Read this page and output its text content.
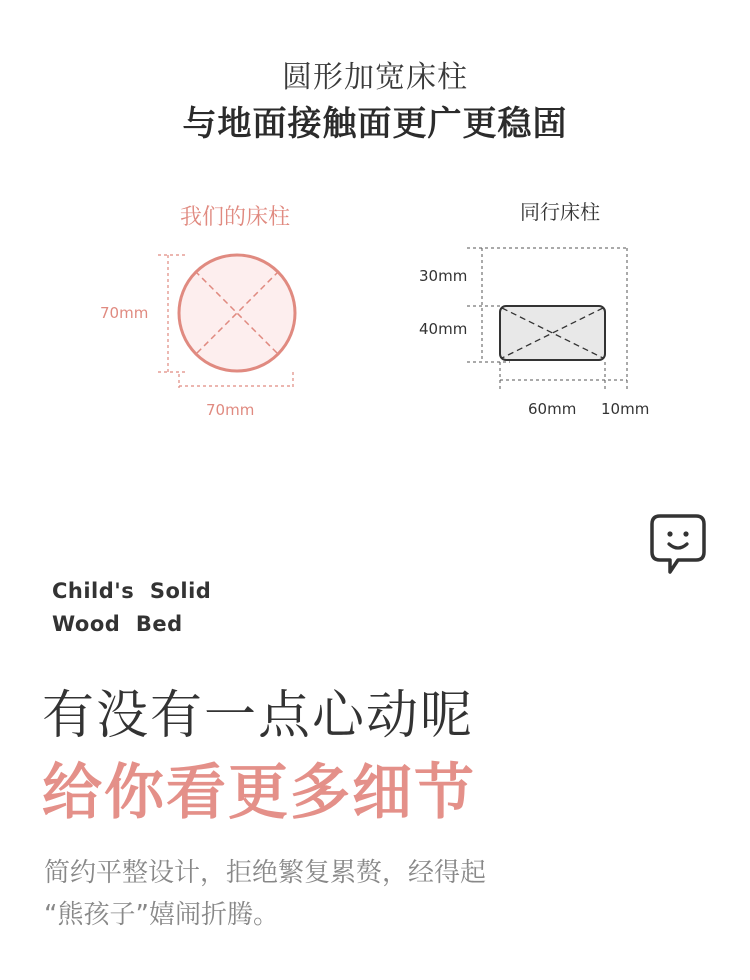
圆形加宽床柱
与地面接触面更广更稳固
我们的床柱	同行床柱
70mm
70mm
30mm
40mm
60mm 10mm
Child's  Solid
Wood  Bed
有没有一点心动呢
给你看更多细节
简约平整设计，拒绝繁复累赘，经得起
“熊孩子”嬉闹折腾。
